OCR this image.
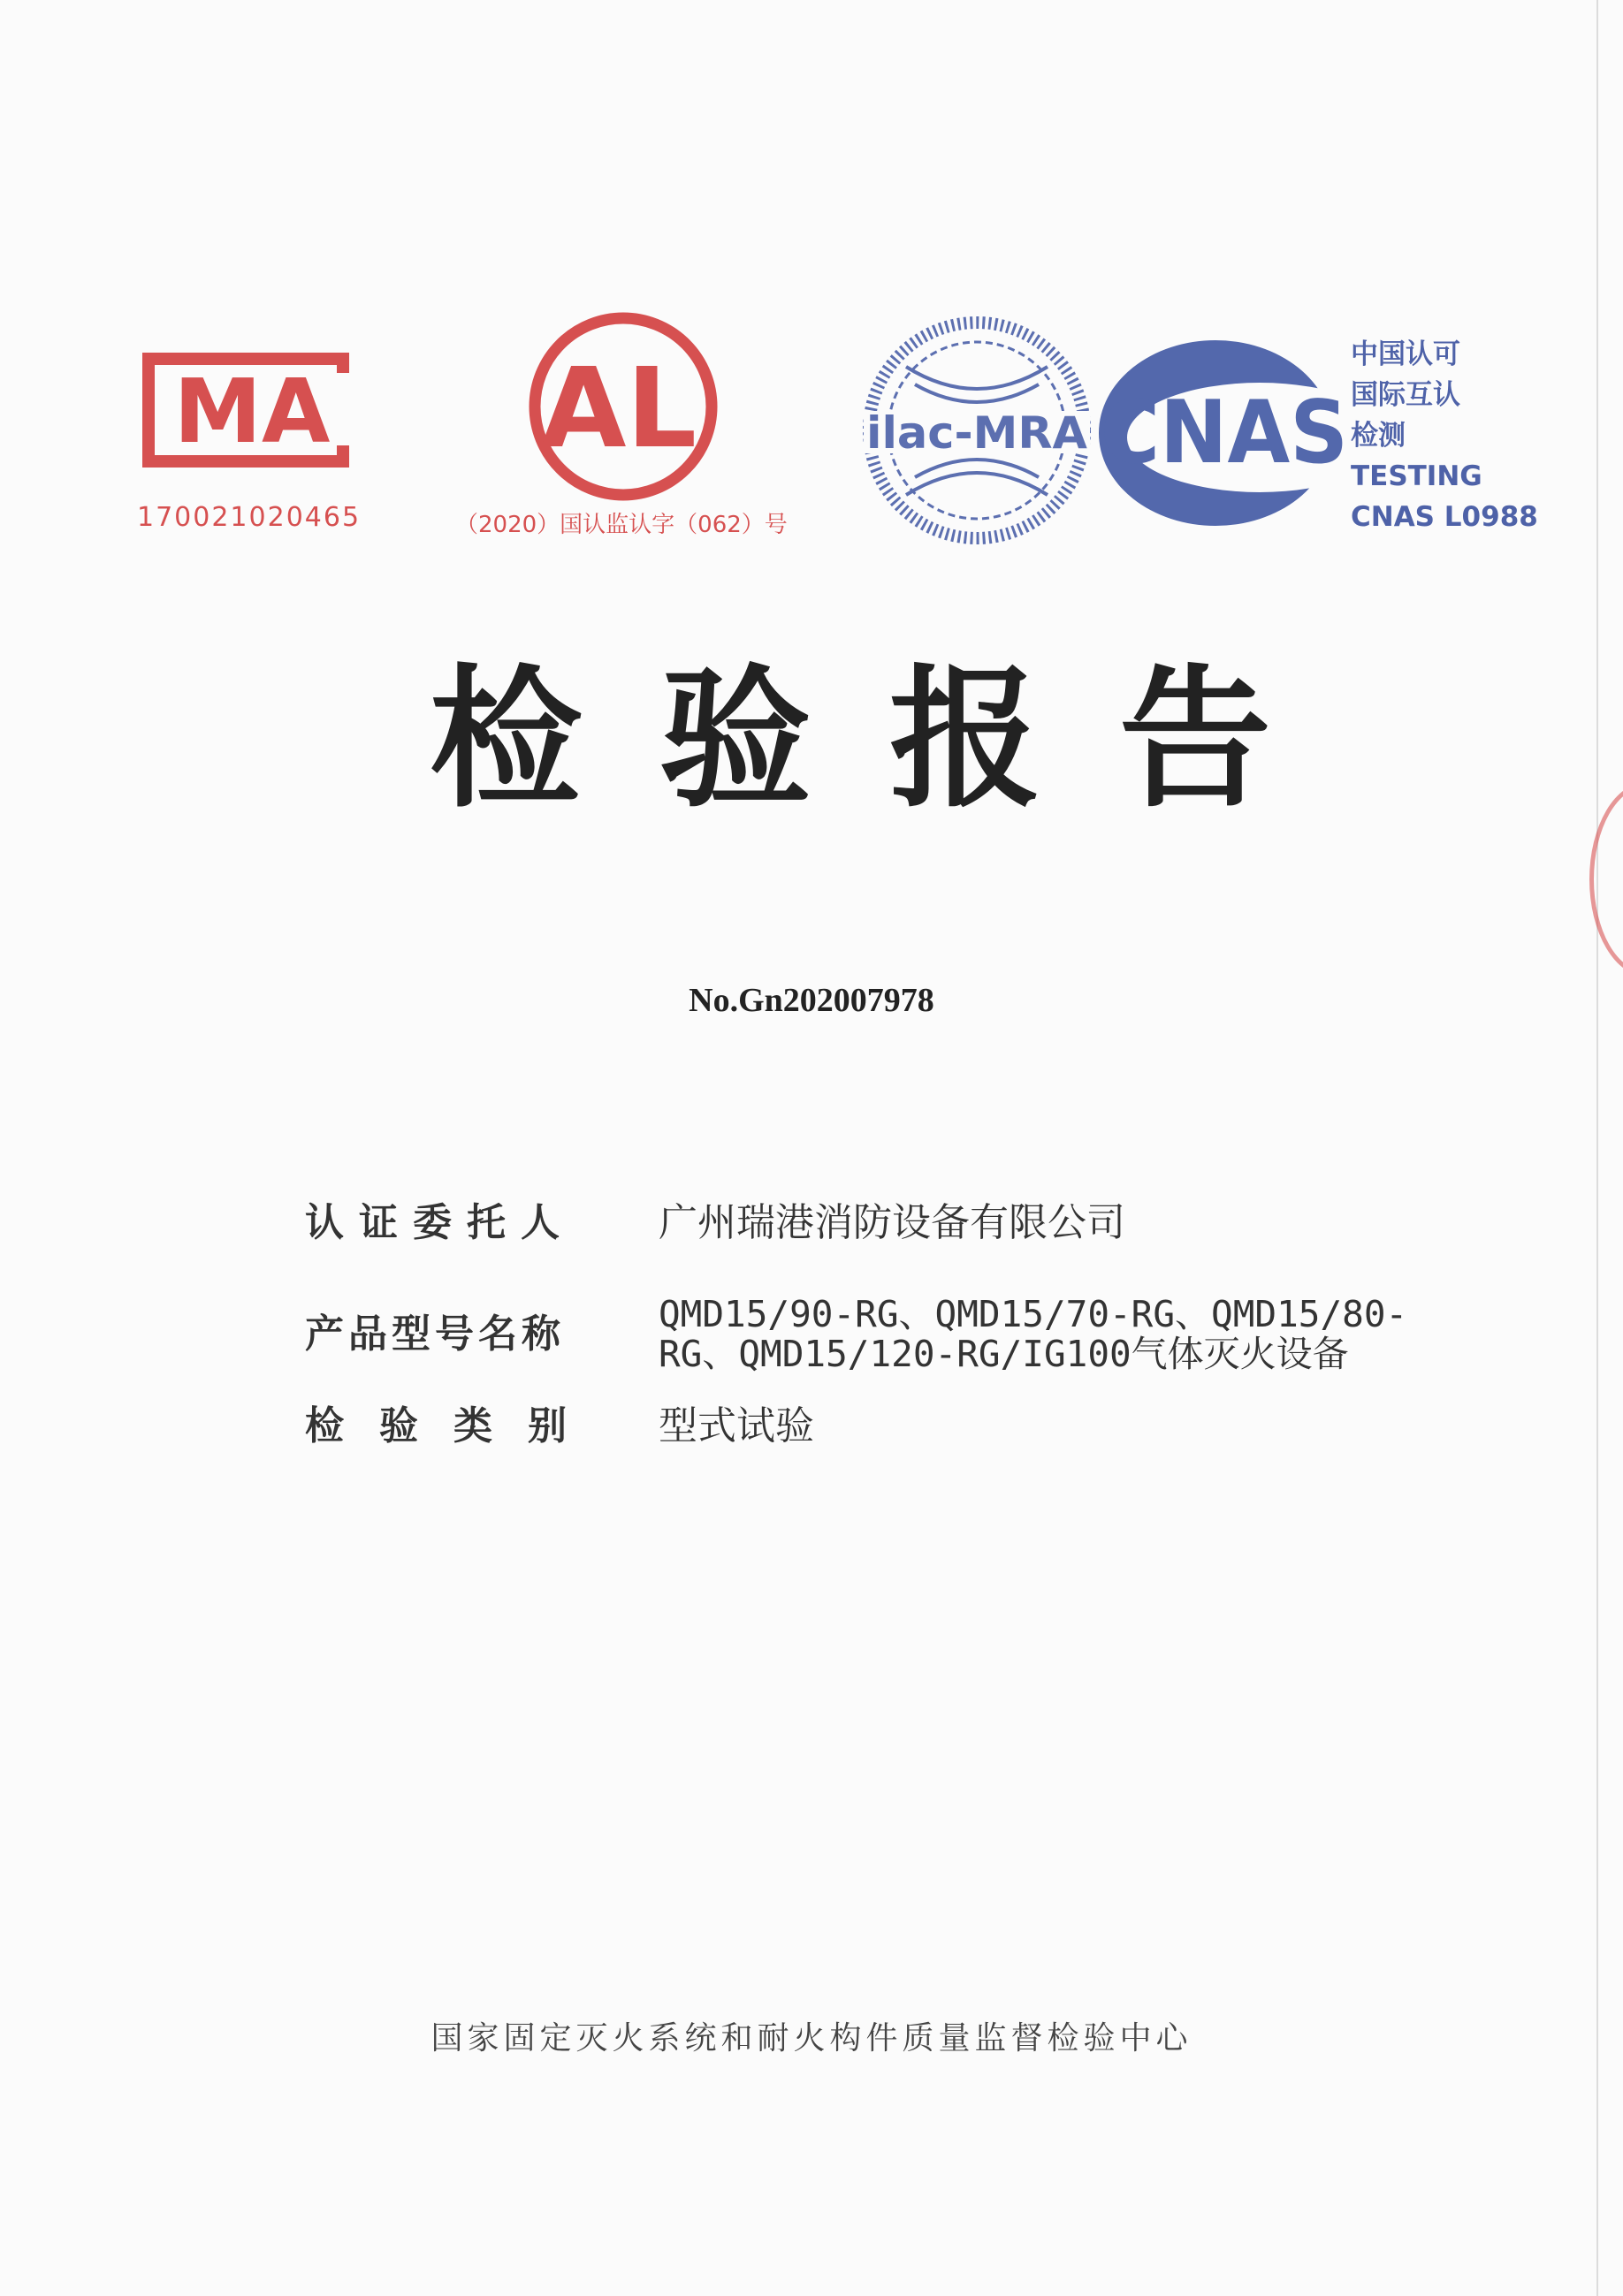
MA
170021020465
AL
（2020）国认监认字（062）号
ilac-MRA CNAS
中国认可
国际互认
检测
TESTING
CNAS L0988
检验报告
No.Gn202007978
认证委托人	广州瑞港消防设备有限公司
产品型号名称	QMD15/90-RG、QMD15/70-RG、QMD15/80-
RG、QMD15/120-RG/IG100气体灭火设备
检验类别	型式试验
国家固定灭火系统和耐火构件质量监督检验中心
